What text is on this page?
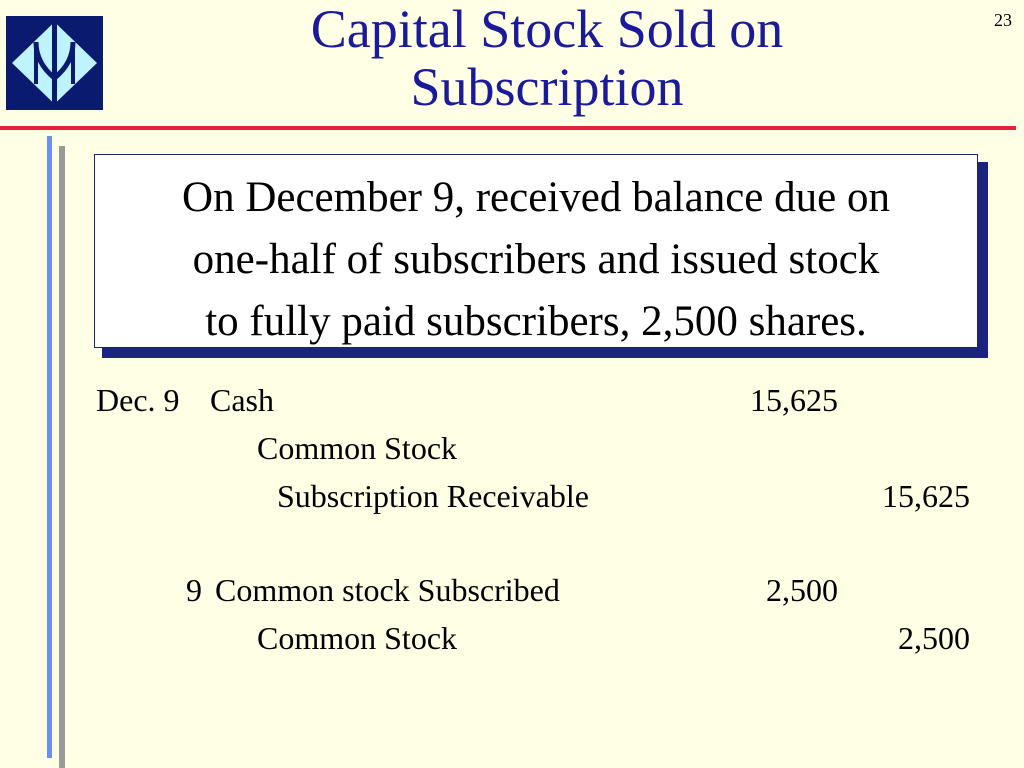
Capital Stock Sold on
Subscription
23
On December 9, received balance due on
one-half of subscribers and issued stock
to fully paid subscribers, 2,500 shares.
Dec. 9 Cash	15,625
Common Stock
Subscription Receivable	15,625
9 Common stock Subscribed	2,500
Common Stock	2,500
